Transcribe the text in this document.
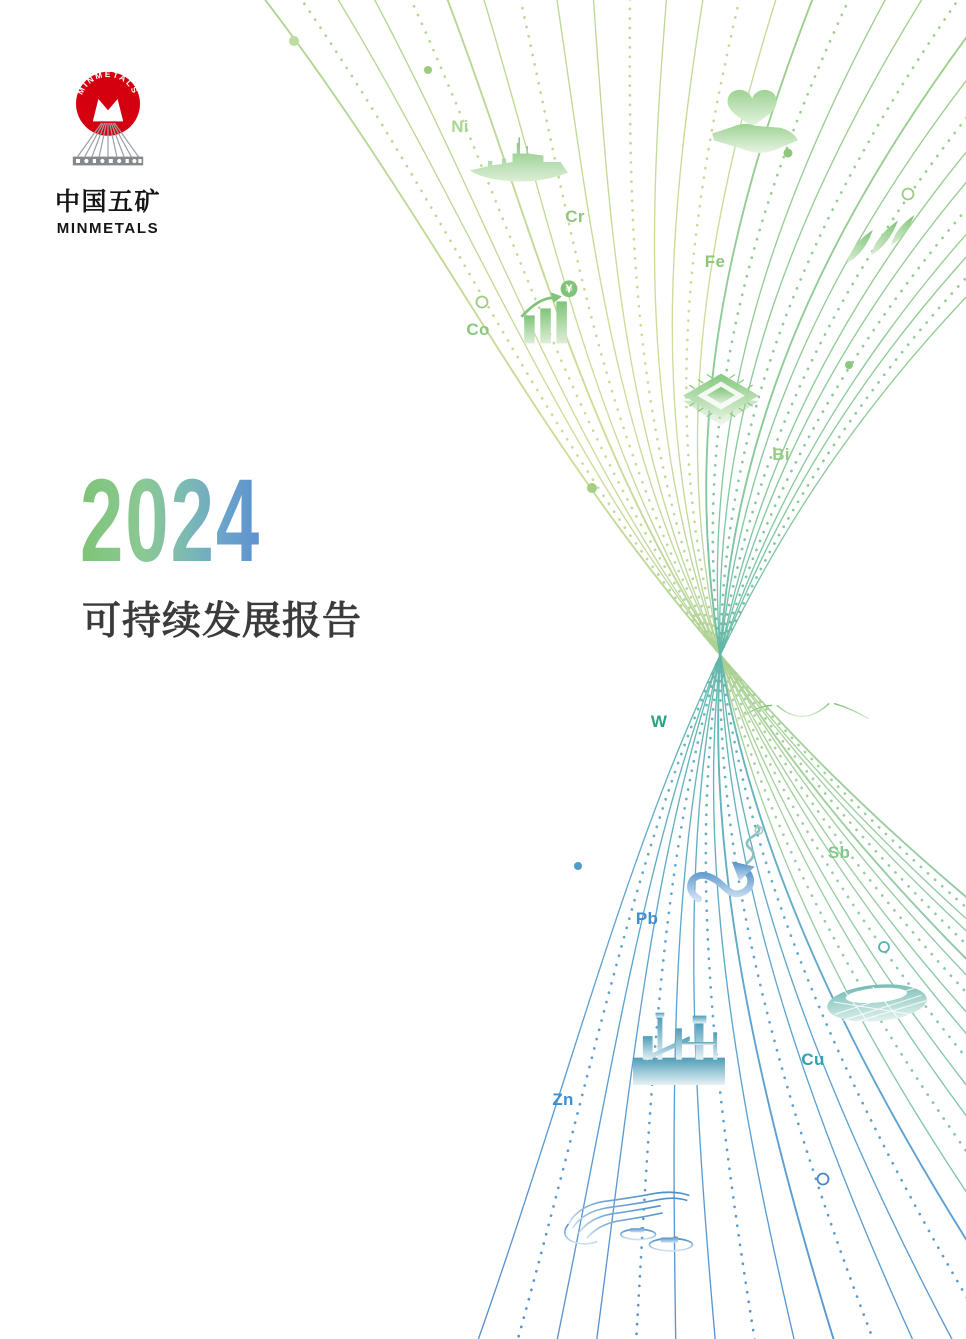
Ni
Cr
Fe
Co
Bi
W
Sb
Pb
Cu
Zn
MINMETALS
中国五矿
MINMETALS
2024
可持续发展报告
